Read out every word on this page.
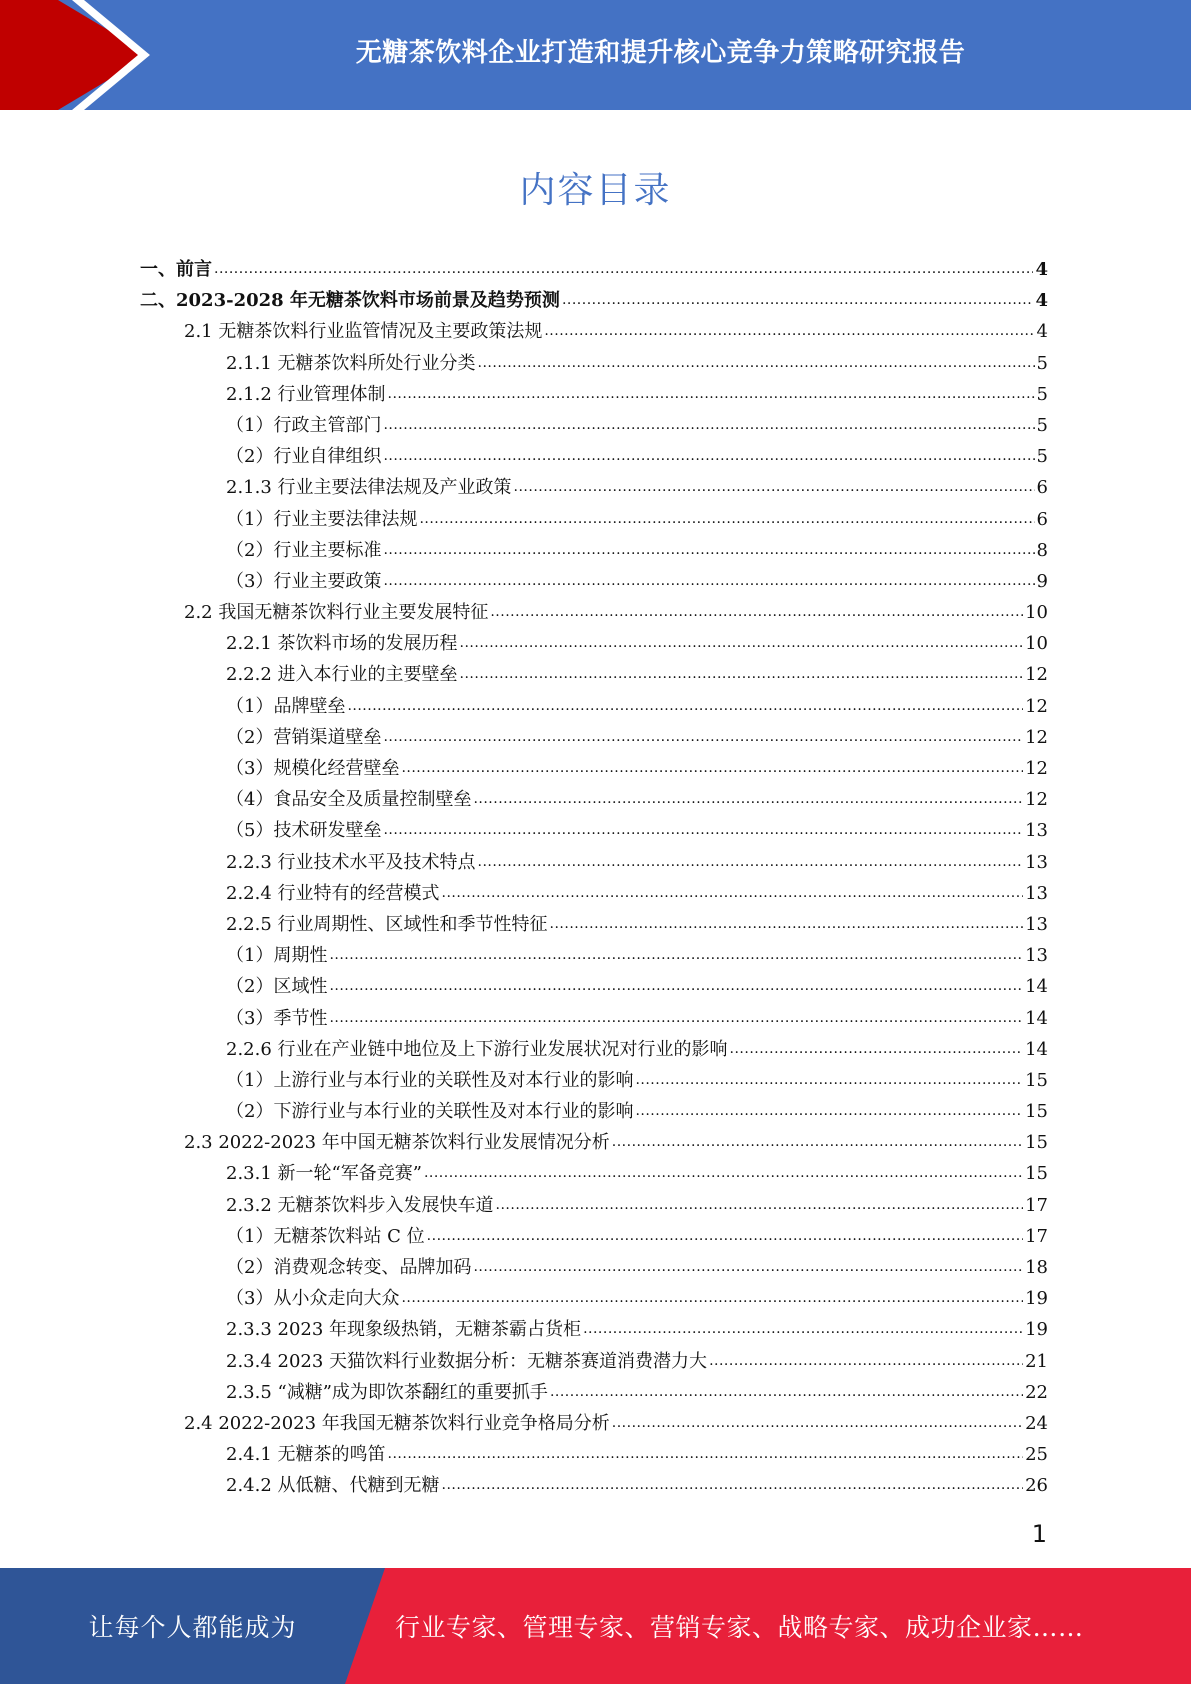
无糖茶饮料企业打造和提升核心竞争力策略研究报告
内容目录
一、前言 .....	4
二、2023-2028 年无糖茶饮料市场前景及趋势预测 .....	4
2.1 无糖茶饮料行业监管情况及主要政策法规 .....	4
2.1.1 无糖茶饮料所处行业分类 .....	5
2.1.2 行业管理体制 .....	5
（1）行政主管部门 .....	5
（2）行业自律组织 .....	5
2.1.3 行业主要法律法规及产业政策 .....	6
（1）行业主要法律法规 .....	6
（2）行业主要标准 .....	8
（3）行业主要政策 .....	9
2.2 我国无糖茶饮料行业主要发展特征 .....	10
2.2.1 茶饮料市场的发展历程 .....	10
2.2.2 进入本行业的主要壁垒 .....	12
（1）品牌壁垒 .....	12
（2）营销渠道壁垒 .....	12
（3）规模化经营壁垒 .....	12
（4）食品安全及质量控制壁垒 .....	12
（5）技术研发壁垒 .....	13
2.2.3 行业技术水平及技术特点 .....	13
2.2.4 行业特有的经营模式 .....	13
2.2.5 行业周期性、区域性和季节性特征 .....	13
（1）周期性 .....	13
（2）区域性 .....	14
（3）季节性 .....	14
2.2.6 行业在产业链中地位及上下游行业发展状况对行业的影响 .....	14
（1）上游行业与本行业的关联性及对本行业的影响 .....	15
（2）下游行业与本行业的关联性及对本行业的影响 .....	15
2.3 2022-2023 年中国无糖茶饮料行业发展情况分析 .....	15
2.3.1 新一轮“军备竞赛” .....	15
2.3.2 无糖茶饮料步入发展快车道 .....	17
（1）无糖茶饮料站 C 位 .....	17
（2）消费观念转变、品牌加码 .....	18
（3）从小众走向大众 .....	19
2.3.3 2023 年现象级热销，无糖茶霸占货柜 .....	19
2.3.4 2023 天猫饮料行业数据分析：无糖茶赛道消费潜力大 .....	21
2.3.5 “减糖”成为即饮茶翻红的重要抓手 .....	22
2.4 2022-2023 年我国无糖茶饮料行业竞争格局分析 .....	24
2.4.1 无糖茶的鸣笛 .....	25
2.4.2 从低糖、代糖到无糖 .....	26
1
让每个人都能成为	行业专家、管理专家、营销专家、战略专家、成功企业家……
